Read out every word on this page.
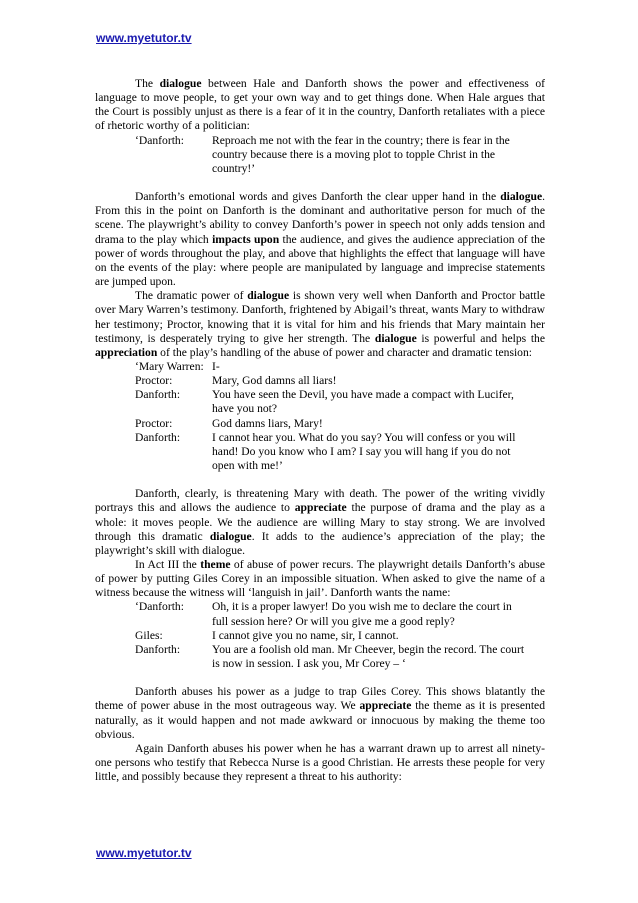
www.myetutor.tv

The dialogue between Hale and Danforth shows the power and effectiveness of language to move people, to get your own way and to get things done. When Hale argues that the Court is possibly unjust as there is a fear of it in the country, Danforth retaliates with a piece of rhetoric worthy of a politician:

‘Danforth:	Reproach me not with the fear in the country; there is fear in the country because there is a moving plot to topple Christ in the country!’

Danforth’s emotional words and gives Danforth the clear upper hand in the dialogue. From this in the point on Danforth is the dominant and authoritative person for much of the scene. The playwright’s ability to convey Danforth’s power in speech not only adds tension and drama to the play which impacts upon the audience, and gives the audience appreciation of the power of words throughout the play, and above that highlights the effect that language will have on the events of the play: where people are manipulated by language and imprecise statements are jumped upon.

The dramatic power of dialogue is shown very well when Danforth and Proctor battle over Mary Warren’s testimony. Danforth, frightened by Abigail’s threat, wants Mary to withdraw her testimony; Proctor, knowing that it is vital for him and his friends that Mary maintain her testimony, is desperately trying to give her strength. The dialogue is powerful and helps the appreciation of the play’s handling of the abuse of power and character and dramatic tension:

‘Mary Warren: I-
Proctor:	Mary, God damns all liars!
Danforth:	You have seen the Devil, you have made a compact with Lucifer, have you not?
Proctor:	God damns liars, Mary!
Danforth:	I cannot hear you. What do you say? You will confess or you will hand! Do you know who I am? I say you will hang if you do not open with me!’

Danforth, clearly, is threatening Mary with death. The power of the writing vividly portrays this and allows the audience to appreciate the purpose of drama and the play as a whole: it moves people. We the audience are willing Mary to stay strong. We are involved through this dramatic dialogue. It adds to the audience’s appreciation of the play; the playwright’s skill with dialogue.

In Act III the theme of abuse of power recurs. The playwright details Danforth’s abuse of power by putting Giles Corey in an impossible situation. When asked to give the name of a witness because the witness will ‘languish in jail’. Danforth wants the name:

‘Danforth:	Oh, it is a proper lawyer! Do you wish me to declare the court in full session here? Or will you give me a good reply?
Giles:	I cannot give you no name, sir, I cannot.
Danforth:	You are a foolish old man. Mr Cheever, begin the record. The court is now in session. I ask you, Mr Corey – ‘

Danforth abuses his power as a judge to trap Giles Corey. This shows blatantly the theme of power abuse in the most outrageous way. We appreciate the theme as it is presented naturally, as it would happen and not made awkward or innocuous by making the theme too obvious.

Again Danforth abuses his power when he has a warrant drawn up to arrest all ninety-one persons who testify that Rebecca Nurse is a good Christian. He arrests these people for very little, and possibly because they represent a threat to his authority:

www.myetutor.tv
